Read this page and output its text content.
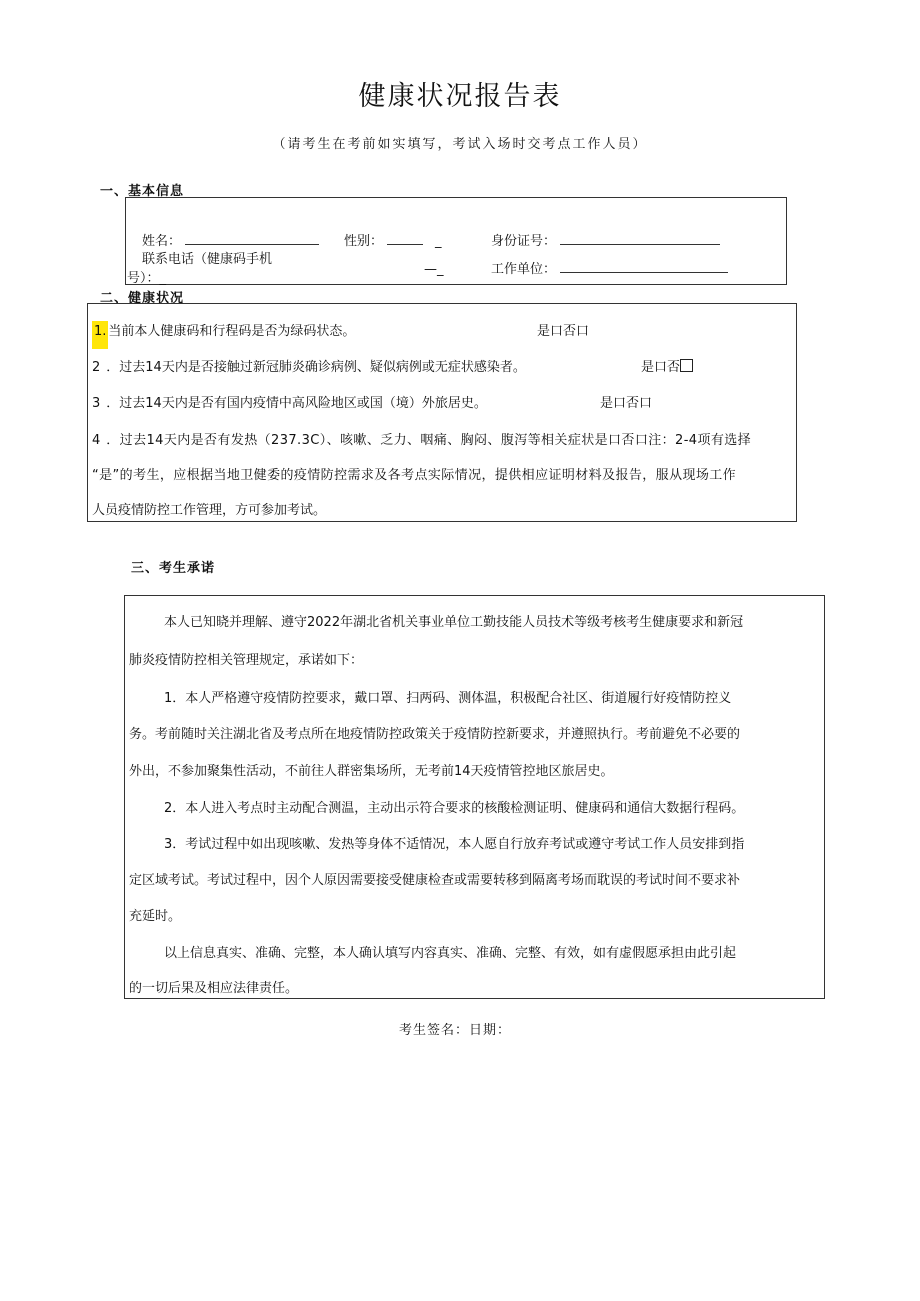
健康状况报告表
（请考生在考前如实填写，考试入场时交考点工作人员）
一、基本信息
姓名：	性别：	_	身份证号：
联系电话（健康码手机
号）：_
—_	工作单位：
二、健康状况
1. 当前本人健康码和行程码是否为绿码状态。	是口否口
2 ．过去14天内是否接触过新冠肺炎确诊病例、疑似病例或无症状感染者。	是口否
3 ．过去14天内是否有国内疫情中高风险地区或国（境）外旅居史。	是口否口
4 ．过去14天内是否有发热（237.3C）、咳嗽、乏力、咽痛、胸闷、腹泻等相关症状是口否口注：2-4项有选择
“是”的考生，应根据当地卫健委的疫情防控需求及各考点实际情况，提供相应证明材料及报告，服从现场工作
人员疫情防控工作管理，方可参加考试。
三、考生承诺
本人已知晓并理解、遵守2022年湖北省机关事业单位工勤技能人员技术等级考核考生健康要求和新冠
肺炎疫情防控相关管理规定，承诺如下：
1．本人严格遵守疫情防控要求，戴口罩、扫两码、测体温，积极配合社区、街道履行好疫情防控义
务。考前随时关注湖北省及考点所在地疫情防控政策关于疫情防控新要求，并遵照执行。考前避免不必要的
外出，不参加聚集性活动，不前往人群密集场所，无考前14天疫情管控地区旅居史。
2．本人进入考点时主动配合测温，主动出示符合要求的核酸检测证明、健康码和通信大数据行程码。
3．考试过程中如出现咳嗽、发热等身体不适情况，本人愿自行放弃考试或遵守考试工作人员安排到指
定区域考试。考试过程中，因个人原因需要接受健康检查或需要转移到隔离考场而耽误的考试时间不要求补
充延时。
以上信息真实、准确、完整，本人确认填写内容真实、准确、完整、有效，如有虚假愿承担由此引起
的一切后果及相应法律责任。
考生签名：日期：
